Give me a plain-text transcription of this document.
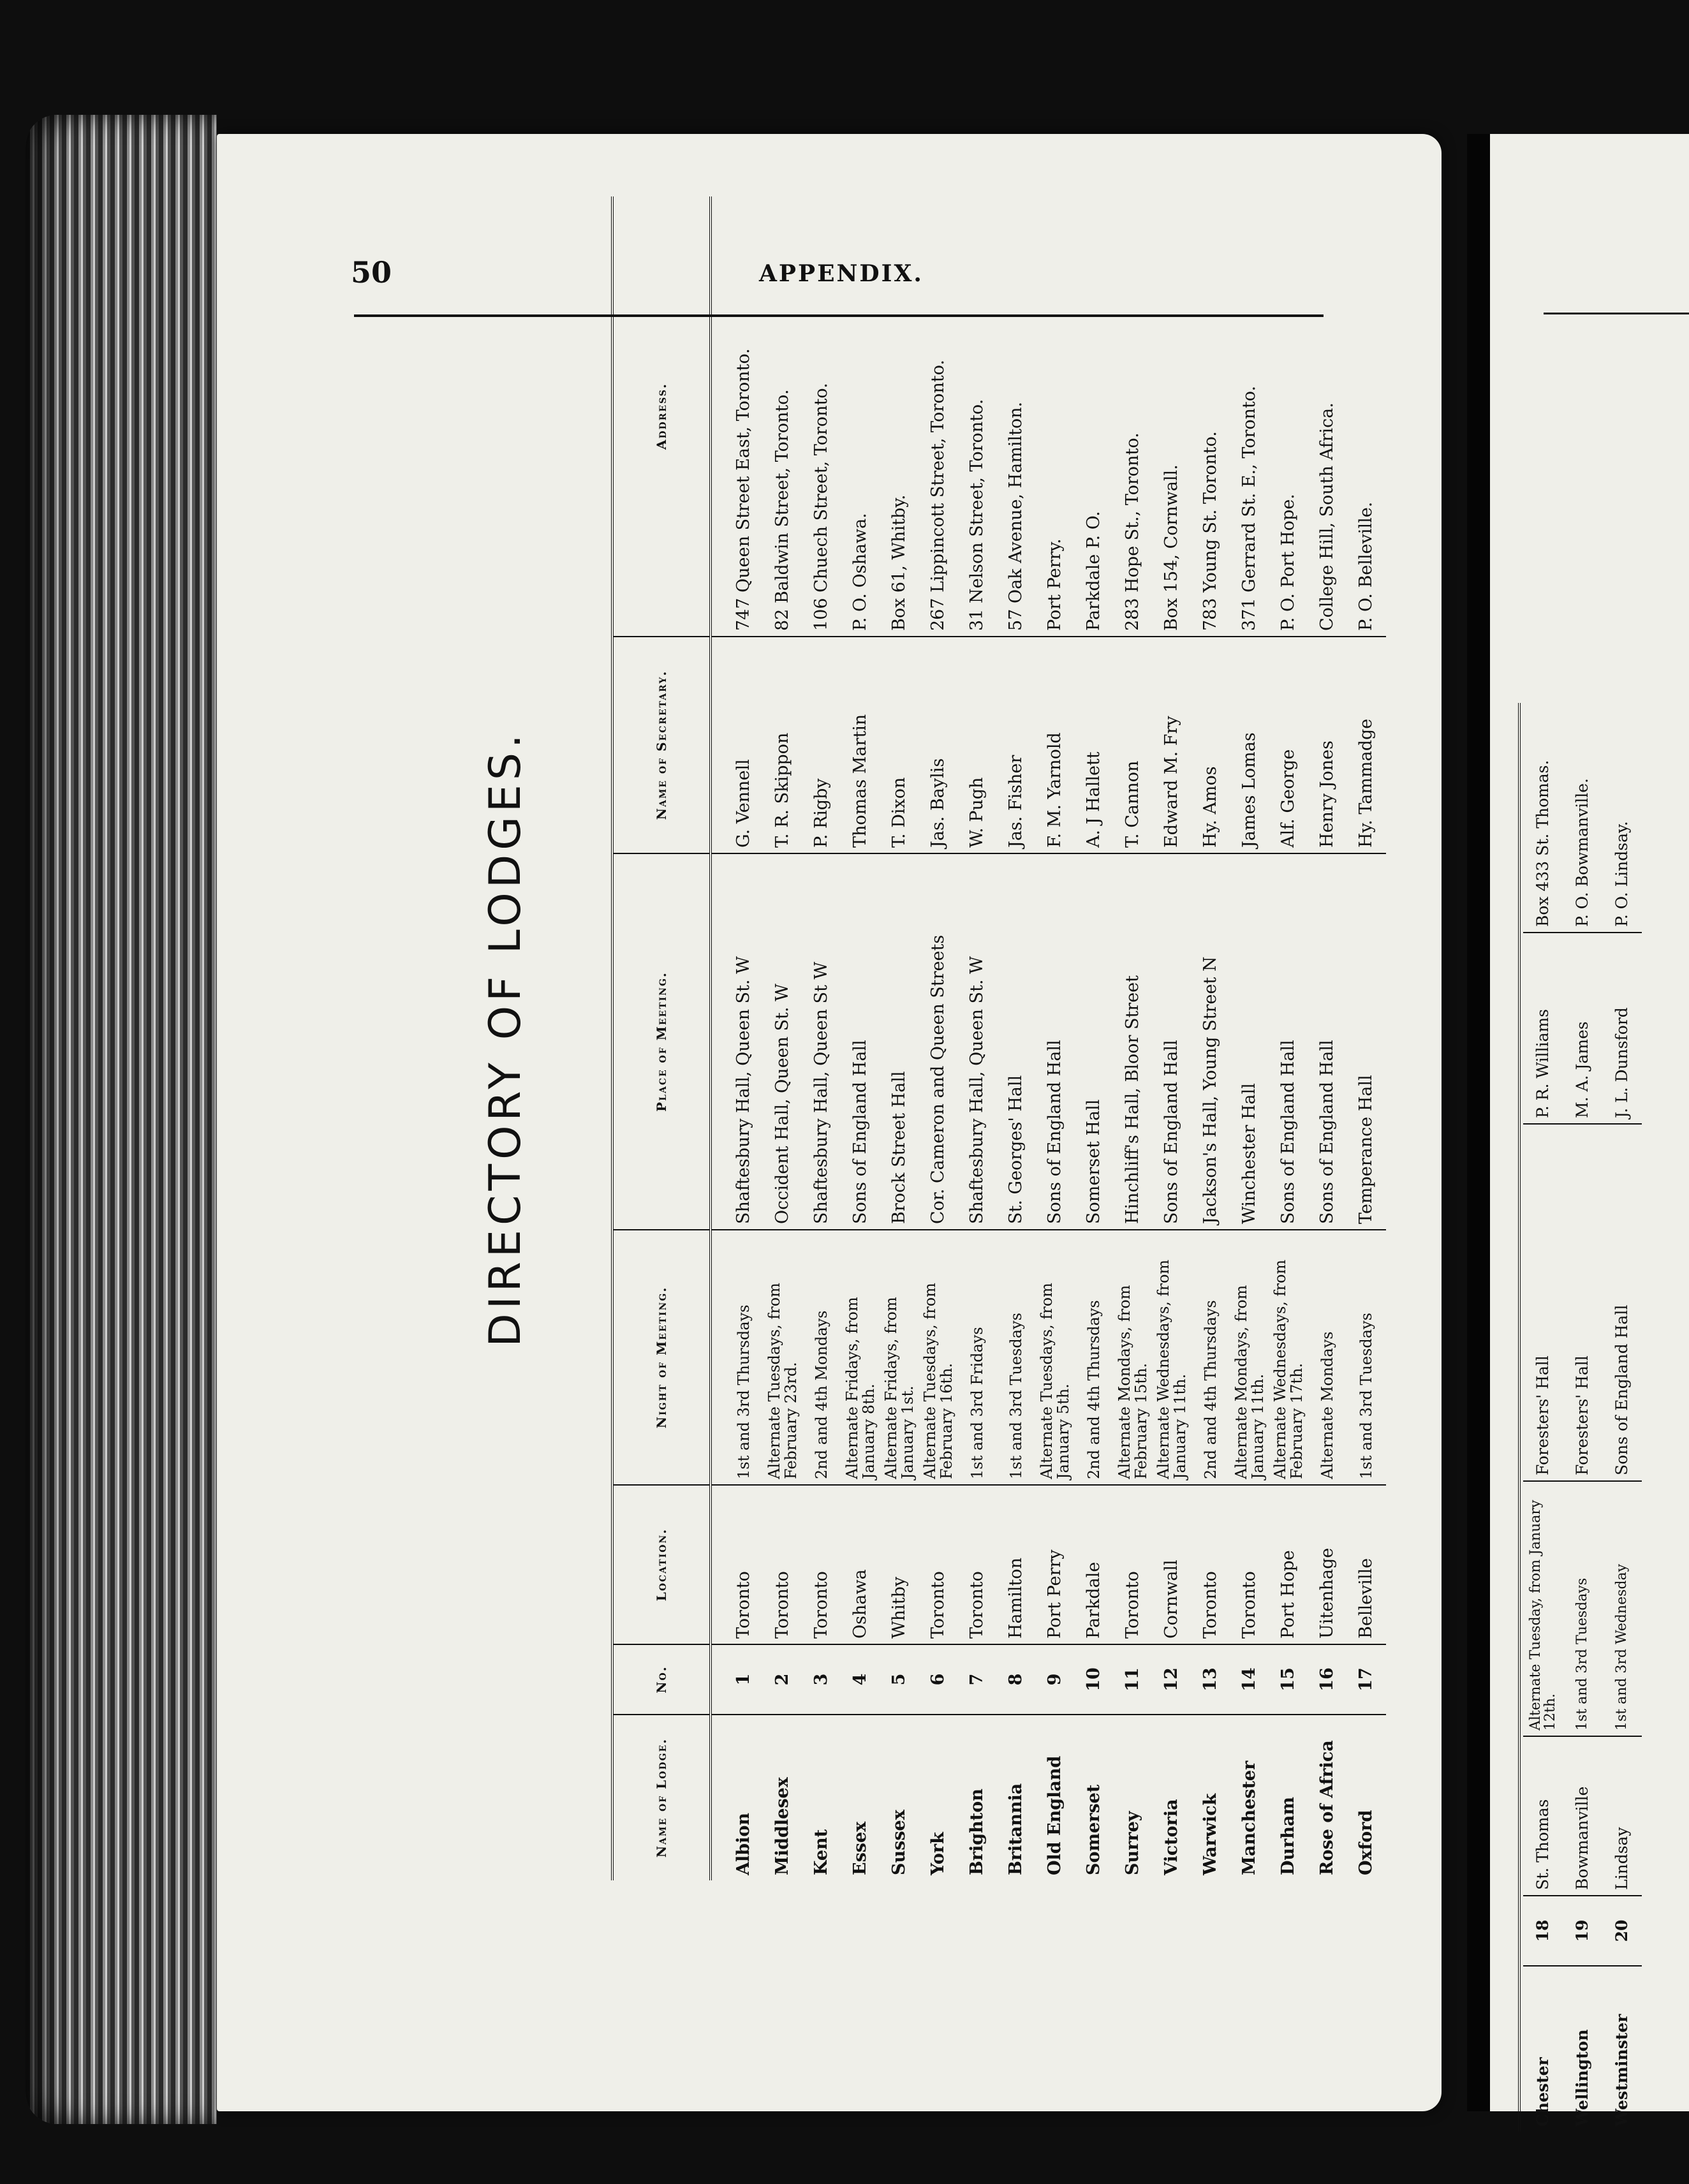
50	APPENDIX.
DIRECTORY OF LODGES.
Name of Lodge.	No.	Location.	Night of Meeting.	Place of Meeting.	Name of Secretary.	Address.
Albion	1	Toronto	1st and 3rd Thursdays	Shaftesbury Hall, Queen St. W	G. Vennell	747 Queen Street East, Toronto.
Middlesex	2	Toronto	Alternate Tuesdays, from February 23rd.	Occident Hall, Queen St. W	T. R. Skippon	82 Baldwin Street, Toronto.
Kent	3	Toronto	2nd and 4th Mondays	Shaftesbury Hall, Queen St W	P. Rigby	106 Chuech Street, Toronto.
Essex	4	Oshawa	Alternate Fridays, from January 8th.	Sons of England Hall	Thomas Martin	P. O. Oshawa.
Sussex	5	Whitby	Alternate Fridays, from January 1st.	Brock Street Hall	T. Dixon	Box 61, Whitby.
York	6	Toronto	Alternate Tuesdays, from February 16th.	Cor. Cameron and Queen Streets	Jas. Baylis	267 Lippincott Street, Toronto.
Brighton	7	Toronto	1st and 3rd Fridays	Shaftesbury Hall, Queen St. W	W. Pugh	31 Nelson Street, Toronto.
Britannia	8	Hamilton	1st and 3rd Tuesdays	St. Georges' Hall	Jas. Fisher	57 Oak Avenue, Hamilton.
Old England	9	Port Perry	Alternate Tuesdays, from January 5th.	Sons of England Hall	F. M. Yarnold	Port Perry.
Somerset	10	Parkdale	2nd and 4th Thursdays	Somerset Hall	A. J Hallett	Parkdale P. O.
Surrey	11	Toronto	Alternate Mondays, from February 15th.	Hinchliff's Hall, Bloor Street	T. Cannon	283 Hope St., Toronto.
Victoria	12	Cornwall	Alternate Wednesdays, from January 11th.	Sons of England Hall	Edward M. Fry	Box 154, Cornwall.
Warwick	13	Toronto	2nd and 4th Thursdays	Jackson's Hall, Young Street N	Hy. Amos	783 Young St. Toronto.
Manchester	14	Toronto	Alternate Mondays, from January 11th.	Winchester Hall	James Lomas	371 Gerrard St. E., Toronto.
Durham	15	Port Hope	Alternate Wednesdays, from February 17th.	Sons of England Hall	Alf. George	P. O. Port Hope.
Rose of Africa	16	Uitenhage	Alternate Mondays	Sons of England Hall	Henry Jones	College Hill, South Africa.
Oxford	17	Belleville	1st and 3rd Tuesdays	Temperance Hall	Hy. Tammadge	P. O. Belleville.
Chester	18	St. Thomas	Alternate Tuesday, from January 12th.	Foresters' Hall	P. R. Williams	Box 433 St. Thomas.
Wellington	19	Bowmanville	1st and 3rd Tuesdays	Foresters' Hall	M. A. James	P. O. Bowmanville.
Westminster	20	Lindsay	1st and 3rd Wednesday	Sons of England Hall	J. L. Dunsford	P. O. Lindsay.
